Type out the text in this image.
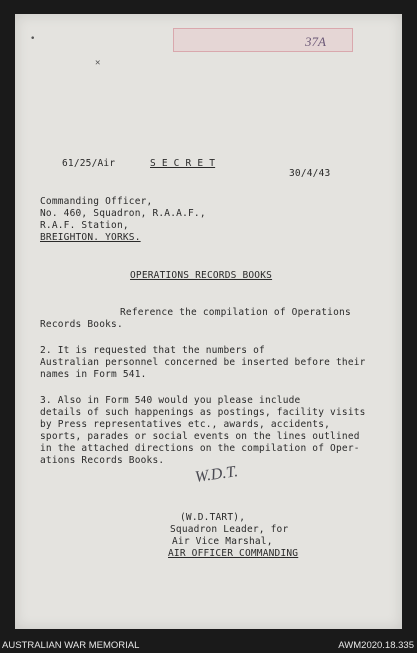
•
✕
37A
61/25/Air	S E C R E T
30/4/43
Commanding Officer,
No. 460, Squadron, R.A.A.F.,
R.A.F. Station,
BREIGHTON. YORKS.
OPERATIONS RECORDS BOOKS
Reference the compilation of Operations
Records Books.
2. It is requested that the numbers of
Australian personnel concerned be inserted before their
names in Form 541.
3. Also in Form 540 would you please include
details of such happenings as postings, facility visits
by Press representatives etc., awards, accidents,
sports, parades or social events on the lines outlined
in the attached directions on the compilation of Oper-
ations Records Books.
W.D.T.
(W.D.TART),
Squadron Leader, for
Air Vice Marshal,
AIR OFFICER COMMANDING
AUSTRALIAN WAR MEMORIAL	AWM2020.18.335
